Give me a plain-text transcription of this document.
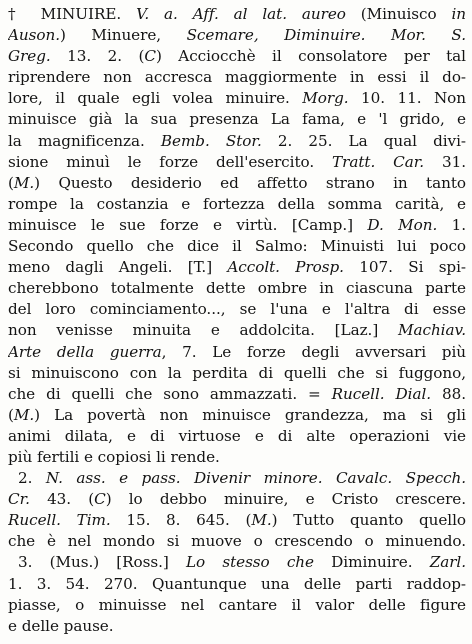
† MINUIRE. V. a. Aff. al lat. aureo (Minuisco in
Auson.) Minuere, Scemare, Diminuire. Mor. S.
Greg. 13. 2. (C) Acciocchè il consolatore per tal
riprendere non accresca maggiormente in essi il do-
lore, il quale egli volea minuire. Morg. 10. 11. Non
minuisce già la sua presenza La fama, e 'l grido, e
la magnificenza. Bemb. Stor. 2. 25. La qual divi-
sione minuì le forze dell'esercito. Tratt. Car. 31.
(M.) Questo desiderio ed affetto strano in tanto
rompe la costanzia e fortezza della somma carità, e
minuisce le sue forze e virtù. [Camp.] D. Mon. 1.
Secondo quello che dice il Salmo: Minuisti lui poco
meno dagli Angeli. [T.] Accolt. Prosp. 107. Si spi-
cherebbono totalmente dette ombre in ciascuna parte
del loro cominciamento..., se l'una e l'altra di esse
non venisse minuita e addolcita. [Laz.] Machiav.
Arte della guerra, 7. Le forze degli avversari più
si minuiscono con la perdita di quelli che si fuggono,
che di quelli che sono ammazzati. = Rucell. Dial. 88.
(M.) La povertà non minuisce grandezza, ma si gli
animi dilata, e di virtuose e di alte operazioni vie
più fertili e copiosi li rende.
2. N. ass. e pass. Divenir minore. Cavalc. Specch.
Cr. 43. (C) lo debbo minuire, e Cristo crescere.
Rucell. Tim. 15. 8. 645. (M.) Tutto quanto quello
che è nel mondo si muove o crescendo o minuendo.
3. (Mus.) [Ross.] Lo stesso che Diminuire. Zarl.
1. 3. 54. 270. Quantunque una delle parti raddop-
piasse, o minuisse nel cantare il valor delle figure
e delle pause.
